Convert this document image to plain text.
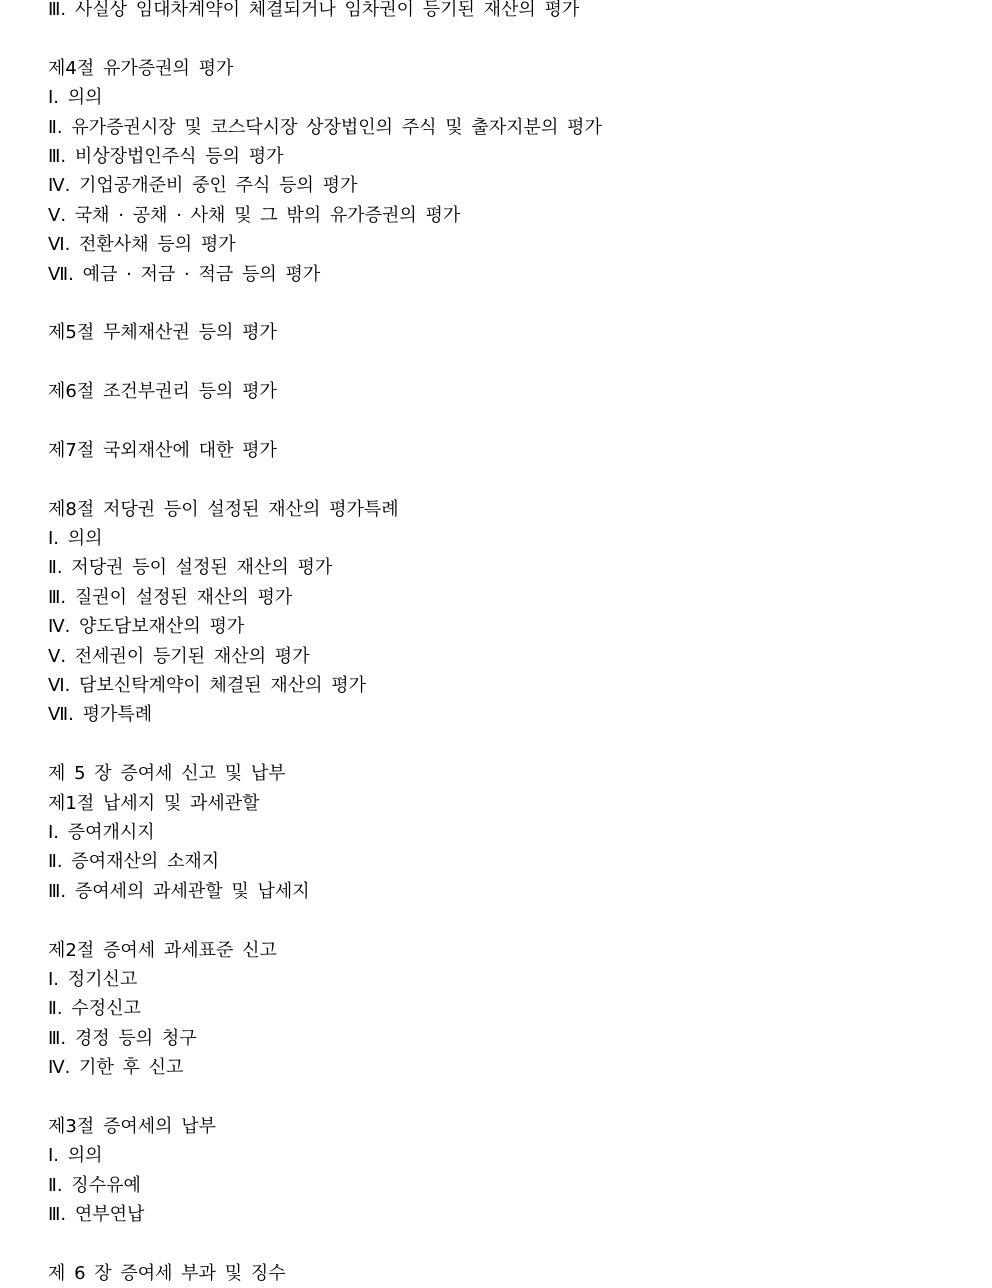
Ⅲ. 사실상 임대차계약이 체결되거나 임차권이 등기된 재산의 평가
제4절 유가증권의 평가
Ⅰ. 의의
Ⅱ. 유가증권시장 및 코스닥시장 상장법인의 주식 및 출자지분의 평가
Ⅲ. 비상장법인주식 등의 평가
Ⅳ. 기업공개준비 중인 주식 등의 평가
Ⅴ. 국채 · 공채 · 사채 및 그 밖의 유가증권의 평가
Ⅵ. 전환사채 등의 평가
Ⅶ. 예금 · 저금 · 적금 등의 평가
제5절 무체재산권 등의 평가
제6절 조건부권리 등의 평가
제7절 국외재산에 대한 평가
제8절 저당권 등이 설정된 재산의 평가특례
Ⅰ. 의의
Ⅱ. 저당권 등이 설정된 재산의 평가
Ⅲ. 질권이 설정된 재산의 평가
Ⅳ. 양도담보재산의 평가
Ⅴ. 전세권이 등기된 재산의 평가
Ⅵ. 담보신탁계약이 체결된 재산의 평가
Ⅶ. 평가특례
제 5 장 증여세 신고 및 납부
제1절 납세지 및 과세관할
Ⅰ. 증여개시지
Ⅱ. 증여재산의 소재지
Ⅲ. 증여세의 과세관할 및 납세지
제2절 증여세 과세표준 신고
Ⅰ. 정기신고
Ⅱ. 수정신고
Ⅲ. 경정 등의 청구
Ⅳ. 기한 후 신고
제3절 증여세의 납부
Ⅰ. 의의
Ⅱ. 징수유예
Ⅲ. 연부연납
제 6 장 증여세 부과 및 징수
